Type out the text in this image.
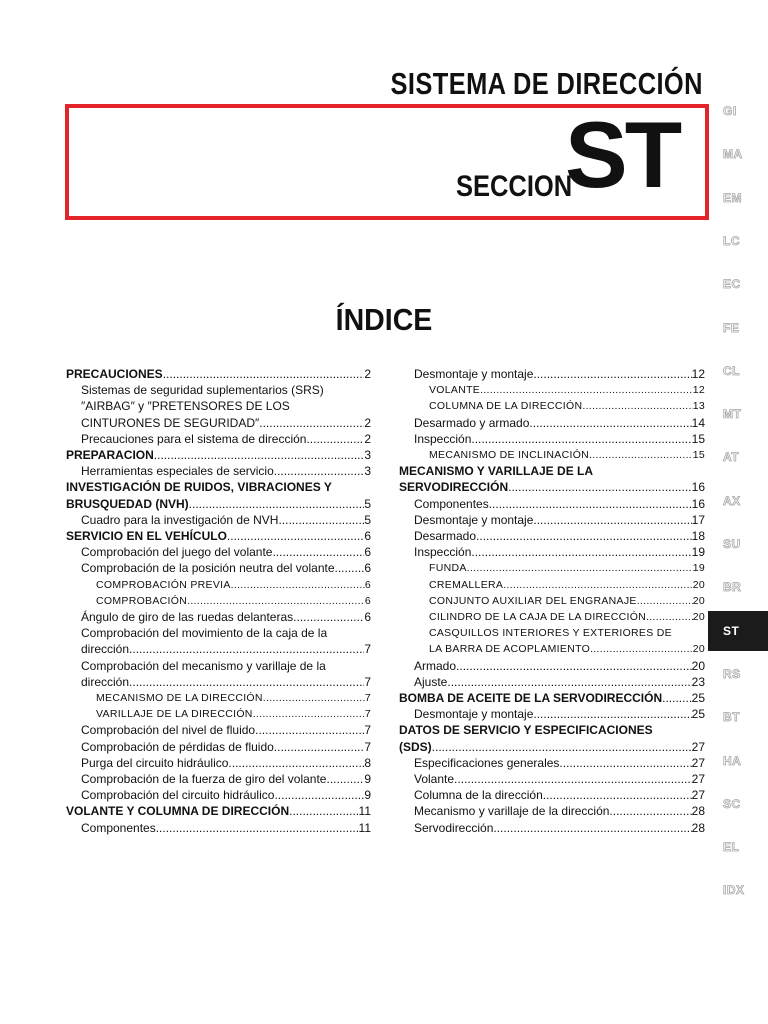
SISTEMA DE DIRECCIÓN
SECCION
ST
ÍNDICE
PRECAUCIONES .....	2
Sistemas de seguridad suplementarios (SRS)
″AIRBAG″ y ″PRETENSORES DE LOS
CINTURONES DE SEGURIDAD″ .....	2
Precauciones para el sistema de dirección .....	2
PREPARACION .....	3
Herramientas especiales de servicio .....	3
INVESTIGACIÓN DE RUIDOS, VIBRACIONES Y
BRUSQUEDAD (NVH) .....	5
Cuadro para la investigación de NVH .....	5
SERVICIO EN EL VEHÍCULO .....	6
Comprobación del juego del volante .....	6
Comprobación de la posición neutra del volante ..... 6
COMPROBACIÓN PREVIA .....	6
COMPROBACIÓN .....	6
Ángulo de giro de las ruedas delanteras .....	6
Comprobación del movimiento de la caja de la
dirección .....	7
Comprobación del mecanismo y varillaje de la
dirección .....	7
MECANISMO DE LA DIRECCIÓN .....	7
VARILLAJE DE LA DIRECCIÓN .....	7
Comprobación del nivel de fluido .....	7
Comprobación de pérdidas de fluido .....	7
Purga del circuito hidráulico .....	8
Comprobación de la fuerza de giro del volante .....	9
Comprobación del circuito hidráulico .....	9
VOLANTE Y COLUMNA DE DIRECCIÓN .....	11
Componentes .....	11
Desmontaje y montaje .....	12
VOLANTE .....	12
COLUMNA DE LA DIRECCIÓN .....	13
Desarmado y armado .....	14
Inspección .....	15
MECANISMO DE INCLINACIÓN .....	15
MECANISMO Y VARILLAJE DE LA
SERVODIRECCIÓN .....	16
Componentes .....	16
Desmontaje y montaje .....	17
Desarmado .....	18
Inspección .....	19
FUNDA .....	19
CREMALLERA .....	20
CONJUNTO AUXILIAR DEL ENGRANAJE .....	20
CILINDRO DE LA CAJA DE LA DIRECCIÓN .....	20
CASQUILLOS INTERIORES Y EXTERIORES DE
LA BARRA DE ACOPLAMIENTO .....	20
Armado .....	20
Ajuste .....	23
BOMBA DE ACEITE DE LA SERVODIRECCIÓN ..... 25
Desmontaje y montaje .....	25
DATOS DE SERVICIO Y ESPECIFICACIONES
(SDS) .....	27
Especificaciones generales .....	27
Volante .....	27
Columna de la dirección .....	27
Mecanismo y varillaje de la dirección .....	28
Servodirección .....	28
GI
MA
EM
LC
EC
FE
CL
MT
AT
AX
SU
BR
ST
RS
BT
HA
SC
EL
IDX
